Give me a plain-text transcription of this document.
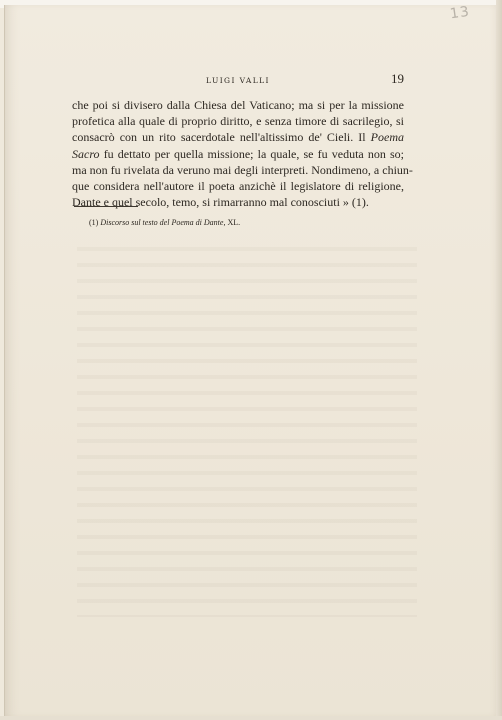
13
LUIGI VALLI	19
che poi si divisero dalla Chiesa del Vaticano; ma si per la missione
profetica alla quale di proprio diritto, e senza timore di sacrilegio, si
consacrò con un rito sacerdotale nell'altissimo de' Cieli. Il Poema
Sacro fu dettato per quella missione; la quale, se fu veduta non so;
ma non fu rivelata da veruno mai degli interpreti. Nondimeno, a chiun-
que considera nell'autore il poeta anzichè il legislatore di religione,
Dante e quel secolo, temo, si rimarranno mal conosciuti » (1).
(1) Discorso sul testo del Poema di Dante, XL.
